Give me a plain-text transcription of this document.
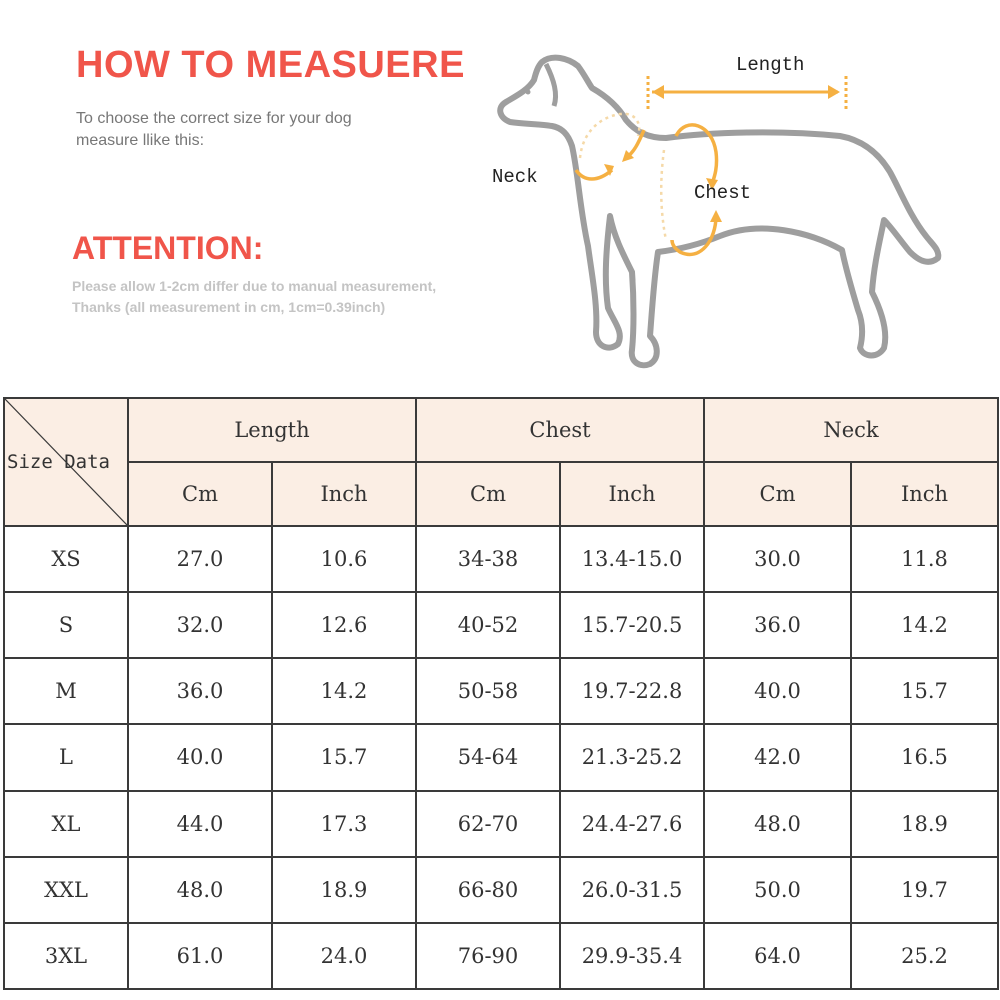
HOW TO MEASUERE
To choose the correct size for your dog
measure llike this:
ATTENTION:
Please allow 1-2cm differ due to manual measurement,
Thanks (all measurement in cm, 1cm=0.39inch)
Length
Neck
Chest
Size Data	Length		Chest		Neck	
	Cm	Inch	Cm	Inch	Cm	Inch
XS	27.0	10.6	34-38	13.4-15.0	30.0	11.8
S	32.0	12.6	40-52	15.7-20.5	36.0	14.2
M	36.0	14.2	50-58	19.7-22.8	40.0	15.7
L	40.0	15.7	54-64	21.3-25.2	42.0	16.5
XL	44.0	17.3	62-70	24.4-27.6	48.0	18.9
XXL	48.0	18.9	66-80	26.0-31.5	50.0	19.7
3XL	61.0	24.0	76-90	29.9-35.4	64.0	25.2
